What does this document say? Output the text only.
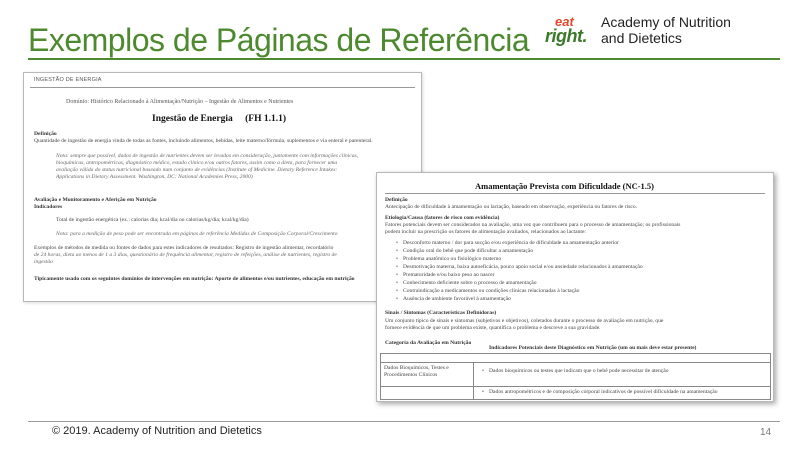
Exemplos de Páginas de Referência
eat
right.
Academy of Nutrition
and Dietetics
INGESTÃO DE ENERGIA
Domínio: Histórico Relacionado à Alimentação/Nutrição – Ingestão de Alimentos e Nutrientes
Ingestão de Energia (FH 1.1.1)
Definição
Quantidade de ingestão de energia vinda de todas as fontes, incluindo alimentos, bebidas, leite materno/fórmula, suplementos e via enteral e parenteral.
Nota: sempre que possível, dados de ingestão de nutrientes devem ser levados em consideração, juntamente com informações clínicas,
bioquímicas, antropométricas, diagnóstico médico, estado clínico e/ou outros fatores, assim como a dieta, para fornecer uma
avaliação válida do status nutricional baseado num conjunto de evidências (Institute of Medicine. Dietary Reference Intakes:
Applications in Dietary Assessment. Washington, DC: National Academies Press, 2000)
Avaliação e Monitoramento e Aferição em Nutrição
Indicadores
Total de ingestão energética (ex.: calorias dia; kcal/dia ou calorias/kg/dia; kcal/kg/dia)
Nota: para a medição de peso pode ser encontrada em páginas de referência Medidas de Composição Corporal/Crescimento
Exemplos de métodos de medida ou fontes de dados para estes indicadores de resultados: Registro de ingestão alimentar, recordatório
de 24 horas, dieta ao menos de 1 a 3 dias, questionário de frequência alimentar, registro de refeições, análise de nutrientes, registro de
ingestão
Tipicamente usado com os seguintes domínios de intervenções em nutrição: Aporte de alimentos e/ou nutrientes, educação em nutrição
Amamentação Prevista com Dificuldade (NC-1.5)
Definição
Antecipação de dificuldade à amamentação ou lactação, baseado em observação, experiência ou fatores de risco.
Etiologia/Causa (fatores de risco com evidência)
Fatores potenciais devem ser considerados na avaliação, uma vez que contribuem para o processo de amamentação; os profissionais
podem incluir na prescrição os fatores de alimentação avaliados, relacionados ao lactante:
• Desconforto materno / dor para sucção e/ou experiência de dificuldade na amamentação anterior
• Condição oral do bebê que pode dificultar a amamentação
• Problema anatômico ou fisiológico materno
• Desmotivação materna, baixa autoeficácia, pouco apoio social e/ou ansiedade relacionados à amamentação
• Prematuridade e/ou baixo peso ao nascer
• Conhecimento deficiente sobre o processo de amamentação
• Contraindicação a medicamentos ou condições clínicas relacionadas à lactação
• Ausência de ambiente favorável à amamentação
Sinais / Sintomas (Características Definidoras)
Um conjunto típico de sinais e sintomas (subjetivos e objetivos), coletados durante o processo de avaliação em nutrição, que
fornece evidência de que um problema existe, quantifica o problema e descreve a sua gravidade.
Categoria da Avaliação em Nutrição
Indicadores Potenciais deste Diagnóstico em Nutrição (um ou mais deve estar presente)
Dados Bioquímicos, Testes e Procedimentos Clínicos
• Dados bioquímicos ou testes que indicam que o bebê pode necessitar de atenção
• Dados antropométricos e de composição corporal indicativos de possível dificuldade na amamentação
© 2019. Academy of Nutrition and Dietetics	14
